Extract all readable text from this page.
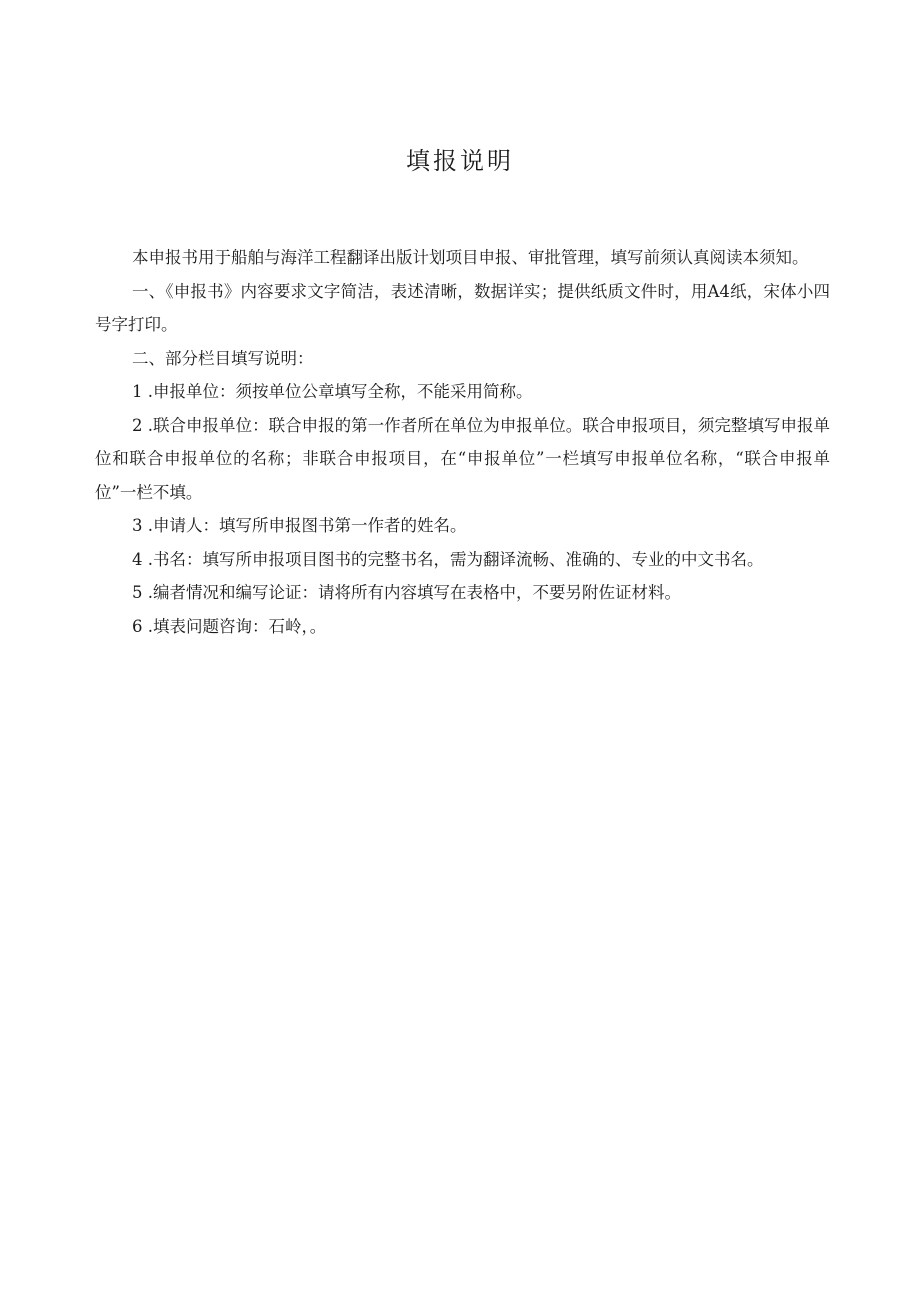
填报说明

本申报书用于船舶与海洋工程翻译出版计划项目申报、审批管理，填写前须认真阅读本须知。

一、《申报书》内容要求文字简洁，表述清晰，数据详实；提供纸质文件时，用A4纸，宋体小四号字打印。

二、部分栏目填写说明：

1 .申报单位：须按单位公章填写全称，不能采用简称。

2 .联合申报单位：联合申报的第一作者所在单位为申报单位。联合申报项目，须完整填写申报单位和联合申报单位的名称；非联合申报项目，在“申报单位”一栏填写申报单位名称，“联合申报单位”一栏不填。

3 .申请人：填写所申报图书第一作者的姓名。

4 .书名：填写所申报项目图书的完整书名，需为翻译流畅、准确的、专业的中文书名。

5 .编者情况和编写论证：请将所有内容填写在表格中，不要另附佐证材料。

6 .填表问题咨询：石岭，。
